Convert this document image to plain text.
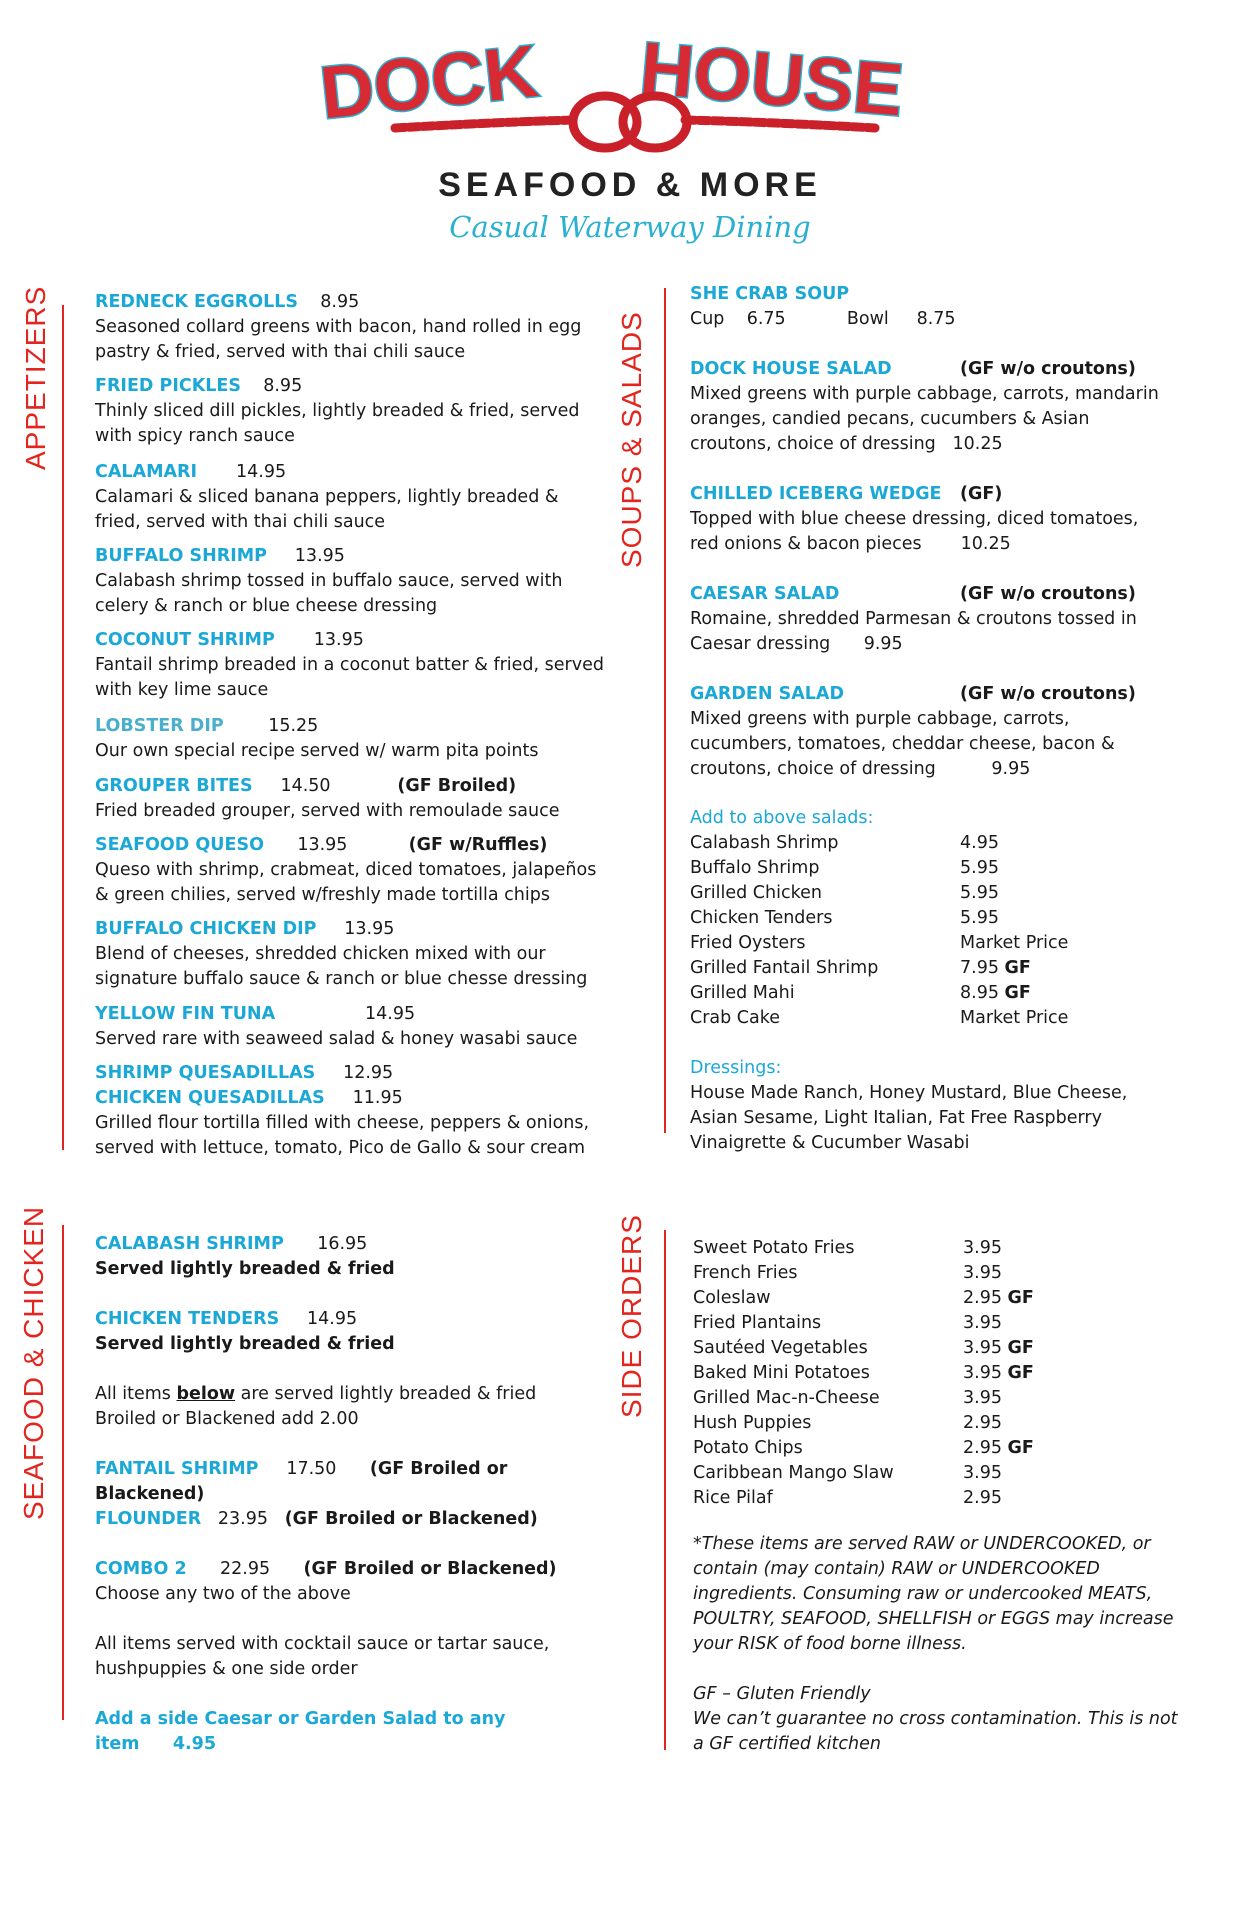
DOCK HOUSE
SEAFOOD & MORE
Casual Waterway Dining
APPETIZERS	SOUPS & SALADS
SEAFOOD & CHICKEN	SIDE ORDERS
REDNECK EGGROLLS 8.95
Seasoned collard greens with bacon, hand rolled in egg pastry & fried, served with thai chili sauce
FRIED PICKLES 8.95
Thinly sliced dill pickles, lightly breaded & fried, served with spicy ranch sauce
CALAMARI 14.95
Calamari & sliced banana peppers, lightly breaded & fried, served with thai chili sauce
BUFFALO SHRIMP 13.95
Calabash shrimp tossed in buffalo sauce, served with celery & ranch or blue cheese dressing
COCONUT SHRIMP 13.95
Fantail shrimp breaded in a coconut batter & fried, served with key lime sauce
LOBSTER DIP	15.25
Our own special recipe served w/ warm pita points
GROUPER BITES 14.50	(GF Broiled)
Fried breaded grouper, served with remoulade sauce
SEAFOOD QUESO 13.95	(GF w/Ruffles)
Queso with shrimp, crabmeat, diced tomatoes, jalapeños & green chilies, served w/freshly made tortilla chips
BUFFALO CHICKEN DIP 13.95
Blend of cheeses, shredded chicken mixed with our signature buffalo sauce & ranch or blue chesse dressing
YELLOW FIN TUNA	14.95

Served rare with seaweed salad & honey wasabi sauce
SHRIMP QUESADILLAS 12.95
CHICKEN QUESADILLAS 11.95
Grilled flour tortilla filled with cheese, peppers & onions, served with lettuce, tomato, Pico de Gallo & sour cream
SHE CRAB SOUP
Cup 6.75	Bowl 8.75
DOCK HOUSE SALAD	(GF w/o croutons)

Mixed greens with purple cabbage, carrots, mandarin oranges, candied pecans, cucumbers & Asian croutons, choice of dressing 10.25
CHILLED ICEBERG WEDGE (GF)

Topped with blue cheese dressing, diced tomatoes, red onions & bacon pieces 10.25
CAESAR SALAD	(GF w/o croutons)

Romaine, shredded Parmesan & croutons tossed in Caesar dressing 9.95
GARDEN SALAD	(GF w/o croutons)

Mixed greens with purple cabbage, carrots, cucumbers, tomatoes, cheddar cheese, bacon & croutons, choice of dressing	9.95
Add to above salads:
Calabash Shrimp	4.95
Buffalo Shrimp	5.95
Grilled Chicken	5.95
Chicken Tenders	5.95
Fried Oysters	Market Price
Grilled Fantail Shrimp	7.95 GF
Grilled Mahi	8.95 GF
Crab Cake	Market Price
Dressings:
House Made Ranch, Honey Mustard, Blue Cheese, Asian Sesame, Light Italian, Fat Free Raspberry Vinaigrette & Cucumber Wasabi
CALABASH SHRIMP 16.95
Served lightly breaded & fried
CHICKEN TENDERS 14.95
Served lightly breaded & fried
All items below are served lightly breaded & fried
Broiled or Blackened add 2.00
FANTAIL SHRIMP 17.50 (GF Broiled or Blackened)
FLOUNDER 23.95 (GF Broiled or Blackened)
COMBO 2 22.95 (GF Broiled or Blackened)
Choose any two of the above
All items served with cocktail sauce or tartar sauce, hushpuppies & one side order
Add a side Caesar or Garden Salad to any item 4.95
Sweet Potato Fries	3.95
French Fries	3.95
Coleslaw	2.95 GF
Fried Plantains	3.95
Sautéed Vegetables	3.95 GF
Baked Mini Potatoes	3.95 GF
Grilled Mac-n-Cheese	3.95
Hush Puppies	2.95
Potato Chips	2.95 GF
Caribbean Mango Slaw	3.95
Rice Pilaf	2.95
*These items are served RAW or UNDERCOOKED, or contain (may contain) RAW or UNDERCOOKED ingredients. Consuming raw or undercooked MEATS, POULTRY, SEAFOOD, SHELLFISH or EGGS may increase your RISK of food borne illness.
GF – Gluten Friendly
We can’t guarantee no cross contamination. This is not a GF certified kitchen
